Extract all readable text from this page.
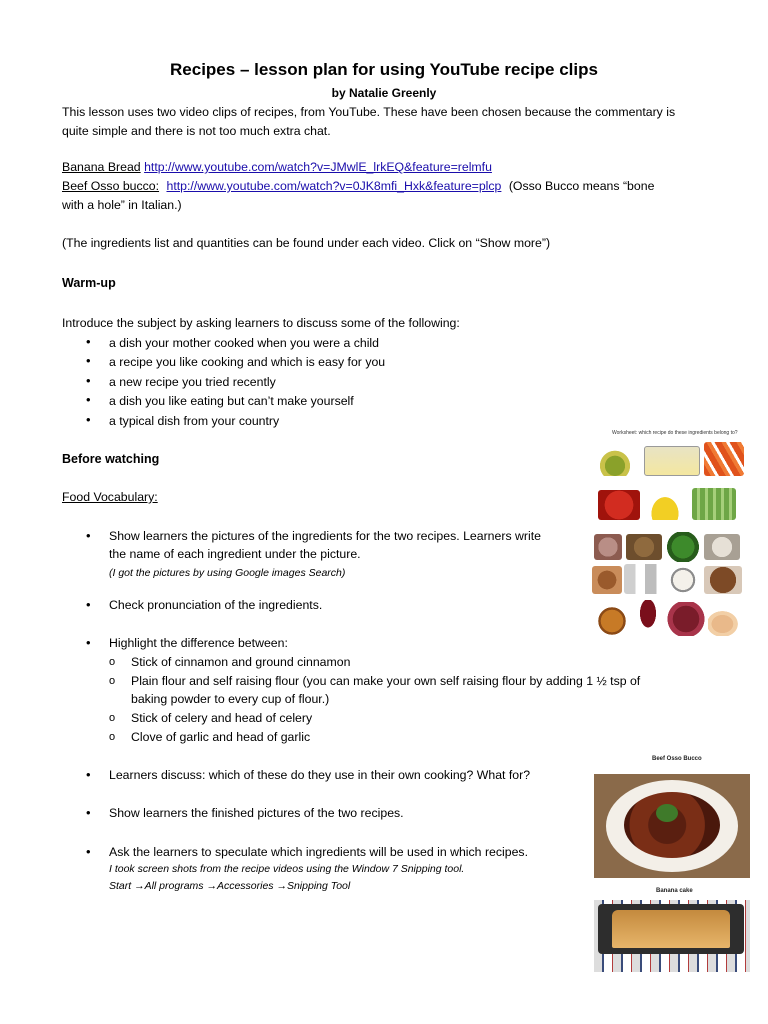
Recipes – lesson plan for using YouTube recipe clips
by Natalie Greenly
This lesson uses two video clips of recipes, from YouTube. These have been chosen because the commentary is
quite simple and there is not too much extra chat.
Banana Bread http://www.youtube.com/watch?v=JMwlE_lrkEQ&feature=relmfu
Beef Osso bucco: http://www.youtube.com/watch?v=0JK8mfi_Hxk&feature=plcp (Osso Bucco means “bone
with a hole” in Italian.)
(The ingredients list and quantities can be found under each video. Click on “Show more”)
Warm-up
Introduce the subject by asking learners to discuss some of the following:
• a dish your mother cooked when you were a child
• a recipe you like cooking and which is easy for you
• a new recipe you tried recently
• a dish you like eating but can’t make yourself
• a typical dish from your country
Before watching
Food Vocabulary:
• Show learners the pictures of the ingredients for the two recipes. Learners write
the name of each ingredient under the picture.
(I got the pictures by using Google images Search)
• Check pronunciation of the ingredients.
• Highlight the difference between:
o Stick of cinnamon and ground cinnamon
o Plain flour and self raising flour (you can make your own self raising flour by adding 1 ½ tsp of
baking powder to every cup of flour.)
o Stick of celery and head of celery
o Clove of garlic and head of garlic
• Learners discuss: which of these do they use in their own cooking? What for?
• Show learners the finished pictures of the two recipes.
• Ask the learners to speculate which ingredients will be used in which recipes.
I took screen shots from the recipe videos using the Window 7 Snipping tool.
Start →All programs →Accessories →Snipping Tool
Worksheet: which recipe do these ingredients belong to?
Beef Osso Bucco
Banana cake
